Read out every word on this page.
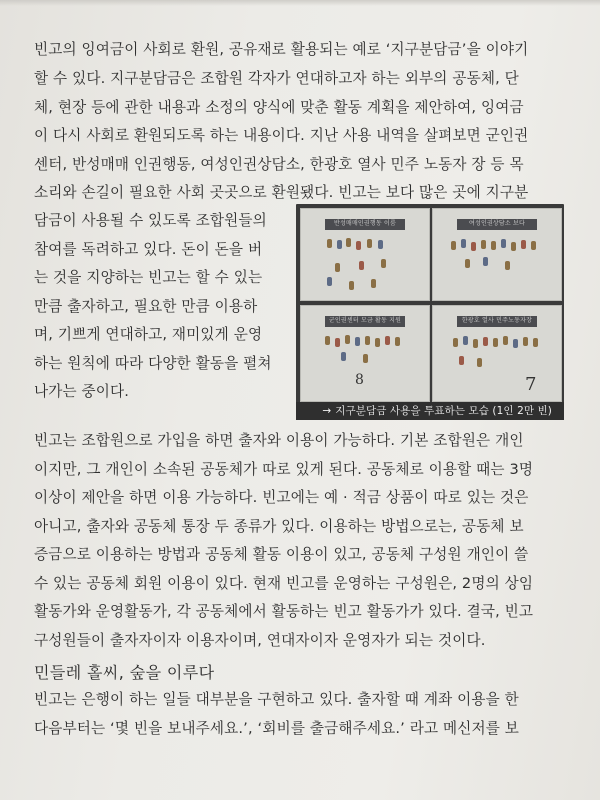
빈고의 잉여금이 사회로 환원, 공유재로 활용되는 예로 ‘지구분담금’을 이야기
할 수 있다. 지구분담금은 조합원 각자가 연대하고자 하는 외부의 공동체, 단
체, 현장 등에 관한 내용과 소정의 양식에 맞춘 활동 계획을 제안하여, 잉여금
이 다시 사회로 환원되도록 하는 내용이다. 지난 사용 내역을 살펴보면 군인권
센터, 반성매매 인권행동, 여성인권상담소, 한광호 열사 민주 노동자 장 등 목
소리와 손길이 필요한 사회 곳곳으로 환원됐다. 빈고는 보다 많은 곳에 지구분
담금이 사용될 수 있도록 조합원들의
참여를 독려하고 있다. 돈이 돈을 버
는 것을 지양하는 빈고는 할 수 있는
만큼 출자하고, 필요한 만큼 이용하
며, 기쁘게 연대하고, 재미있게 운영
하는 원칙에 따라 다양한 활동을 펼쳐
나가는 중이다.
반성매매인권행동 이룸	여성인권상담소 보다
군인권센터 모금 활동 지원
8
한광호 열사 민주노동자장
7
→ 지구분담금 사용을 투표하는 모습 (1인 2만 빈)
빈고는 조합원으로 가입을 하면 출자와 이용이 가능하다. 기본 조합원은 개인
이지만, 그 개인이 소속된 공동체가 따로 있게 된다. 공동체로 이용할 때는 3명
이상이 제안을 하면 이용 가능하다. 빈고에는 예 · 적금 상품이 따로 있는 것은
아니고, 출자와 공동체 통장 두 종류가 있다. 이용하는 방법으로는, 공동체 보
증금으로 이용하는 방법과 공동체 활동 이용이 있고, 공동체 구성원 개인이 쓸
수 있는 공동체 회원 이용이 있다. 현재 빈고를 운영하는 구성원은, 2명의 상임
활동가와 운영활동가, 각 공동체에서 활동하는 빈고 활동가가 있다. 결국, 빈고
구성원들이 출자자이자 이용자이며, 연대자이자 운영자가 되는 것이다.
민들레 홀씨, 숲을 이루다
빈고는 은행이 하는 일들 대부분을 구현하고 있다. 출자할 때 계좌 이용을 한
다음부터는 ‘몇 빈을 보내주세요.’, ‘회비를 출금해주세요.’ 라고 메신저를 보
